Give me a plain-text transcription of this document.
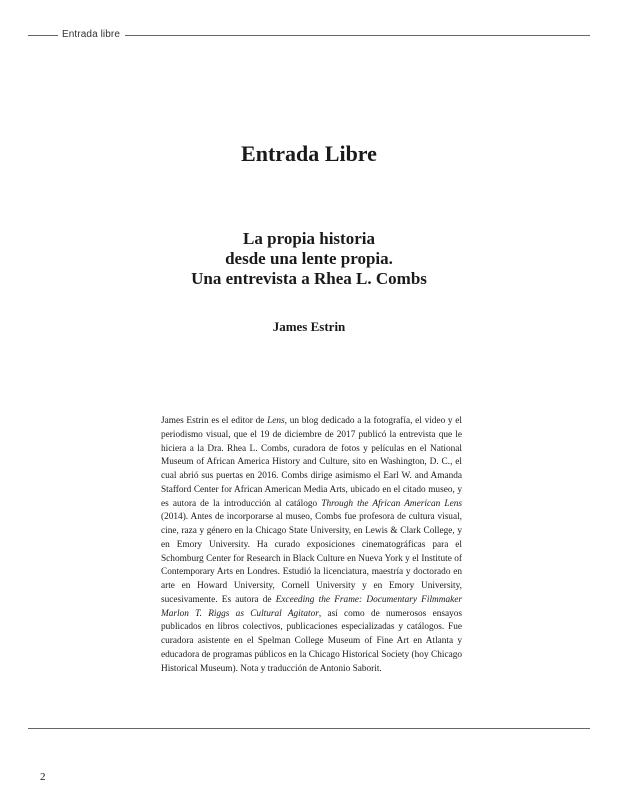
Entrada libre
Entrada Libre
La propia historia
desde una lente propia.
Una entrevista a Rhea L. Combs
James Estrin
James Estrin es el editor de Lens, un blog dedicado a la fotografía, el video y el periodismo visual, que el 19 de diciembre de 2017 publicó la entrevista que le hiciera a la Dra. Rhea L. Combs, curadora de fotos y películas en el National Museum of African America History and Culture, sito en Washington, D. C., el cual abrió sus puertas en 2016. Combs dirige asimismo el Earl W. and Amanda Stafford Center for African American Media Arts, ubicado en el citado museo, y es autora de la introducción al catálogo Through the African American Lens (2014). Antes de incorporarse al museo, Combs fue profesora de cultura visual, cine, raza y género en la Chicago State University, en Lewis & Clark College, y en Emory University. Ha curado exposiciones cinematográficas para el Schomburg Center for Research in Black Culture en Nueva York y el Institute of Contemporary Arts en Londres. Estudió la licenciatura, maestría y doctorado en arte en Howard University, Cornell University y en Emory University, sucesivamente. Es autora de Exceeding the Frame: Documentary Filmmaker Marlon T. Riggs as Cultural Agitator, así como de numerosos ensayos publicados en libros colectivos, publicaciones especializadas y catálogos. Fue curadora asistente en el Spelman College Museum of Fine Art en Atlanta y educadora de programas públicos en la Chicago Historical Society (hoy Chicago Historical Museum). Nota y traducción de Antonio Saborit.
2
